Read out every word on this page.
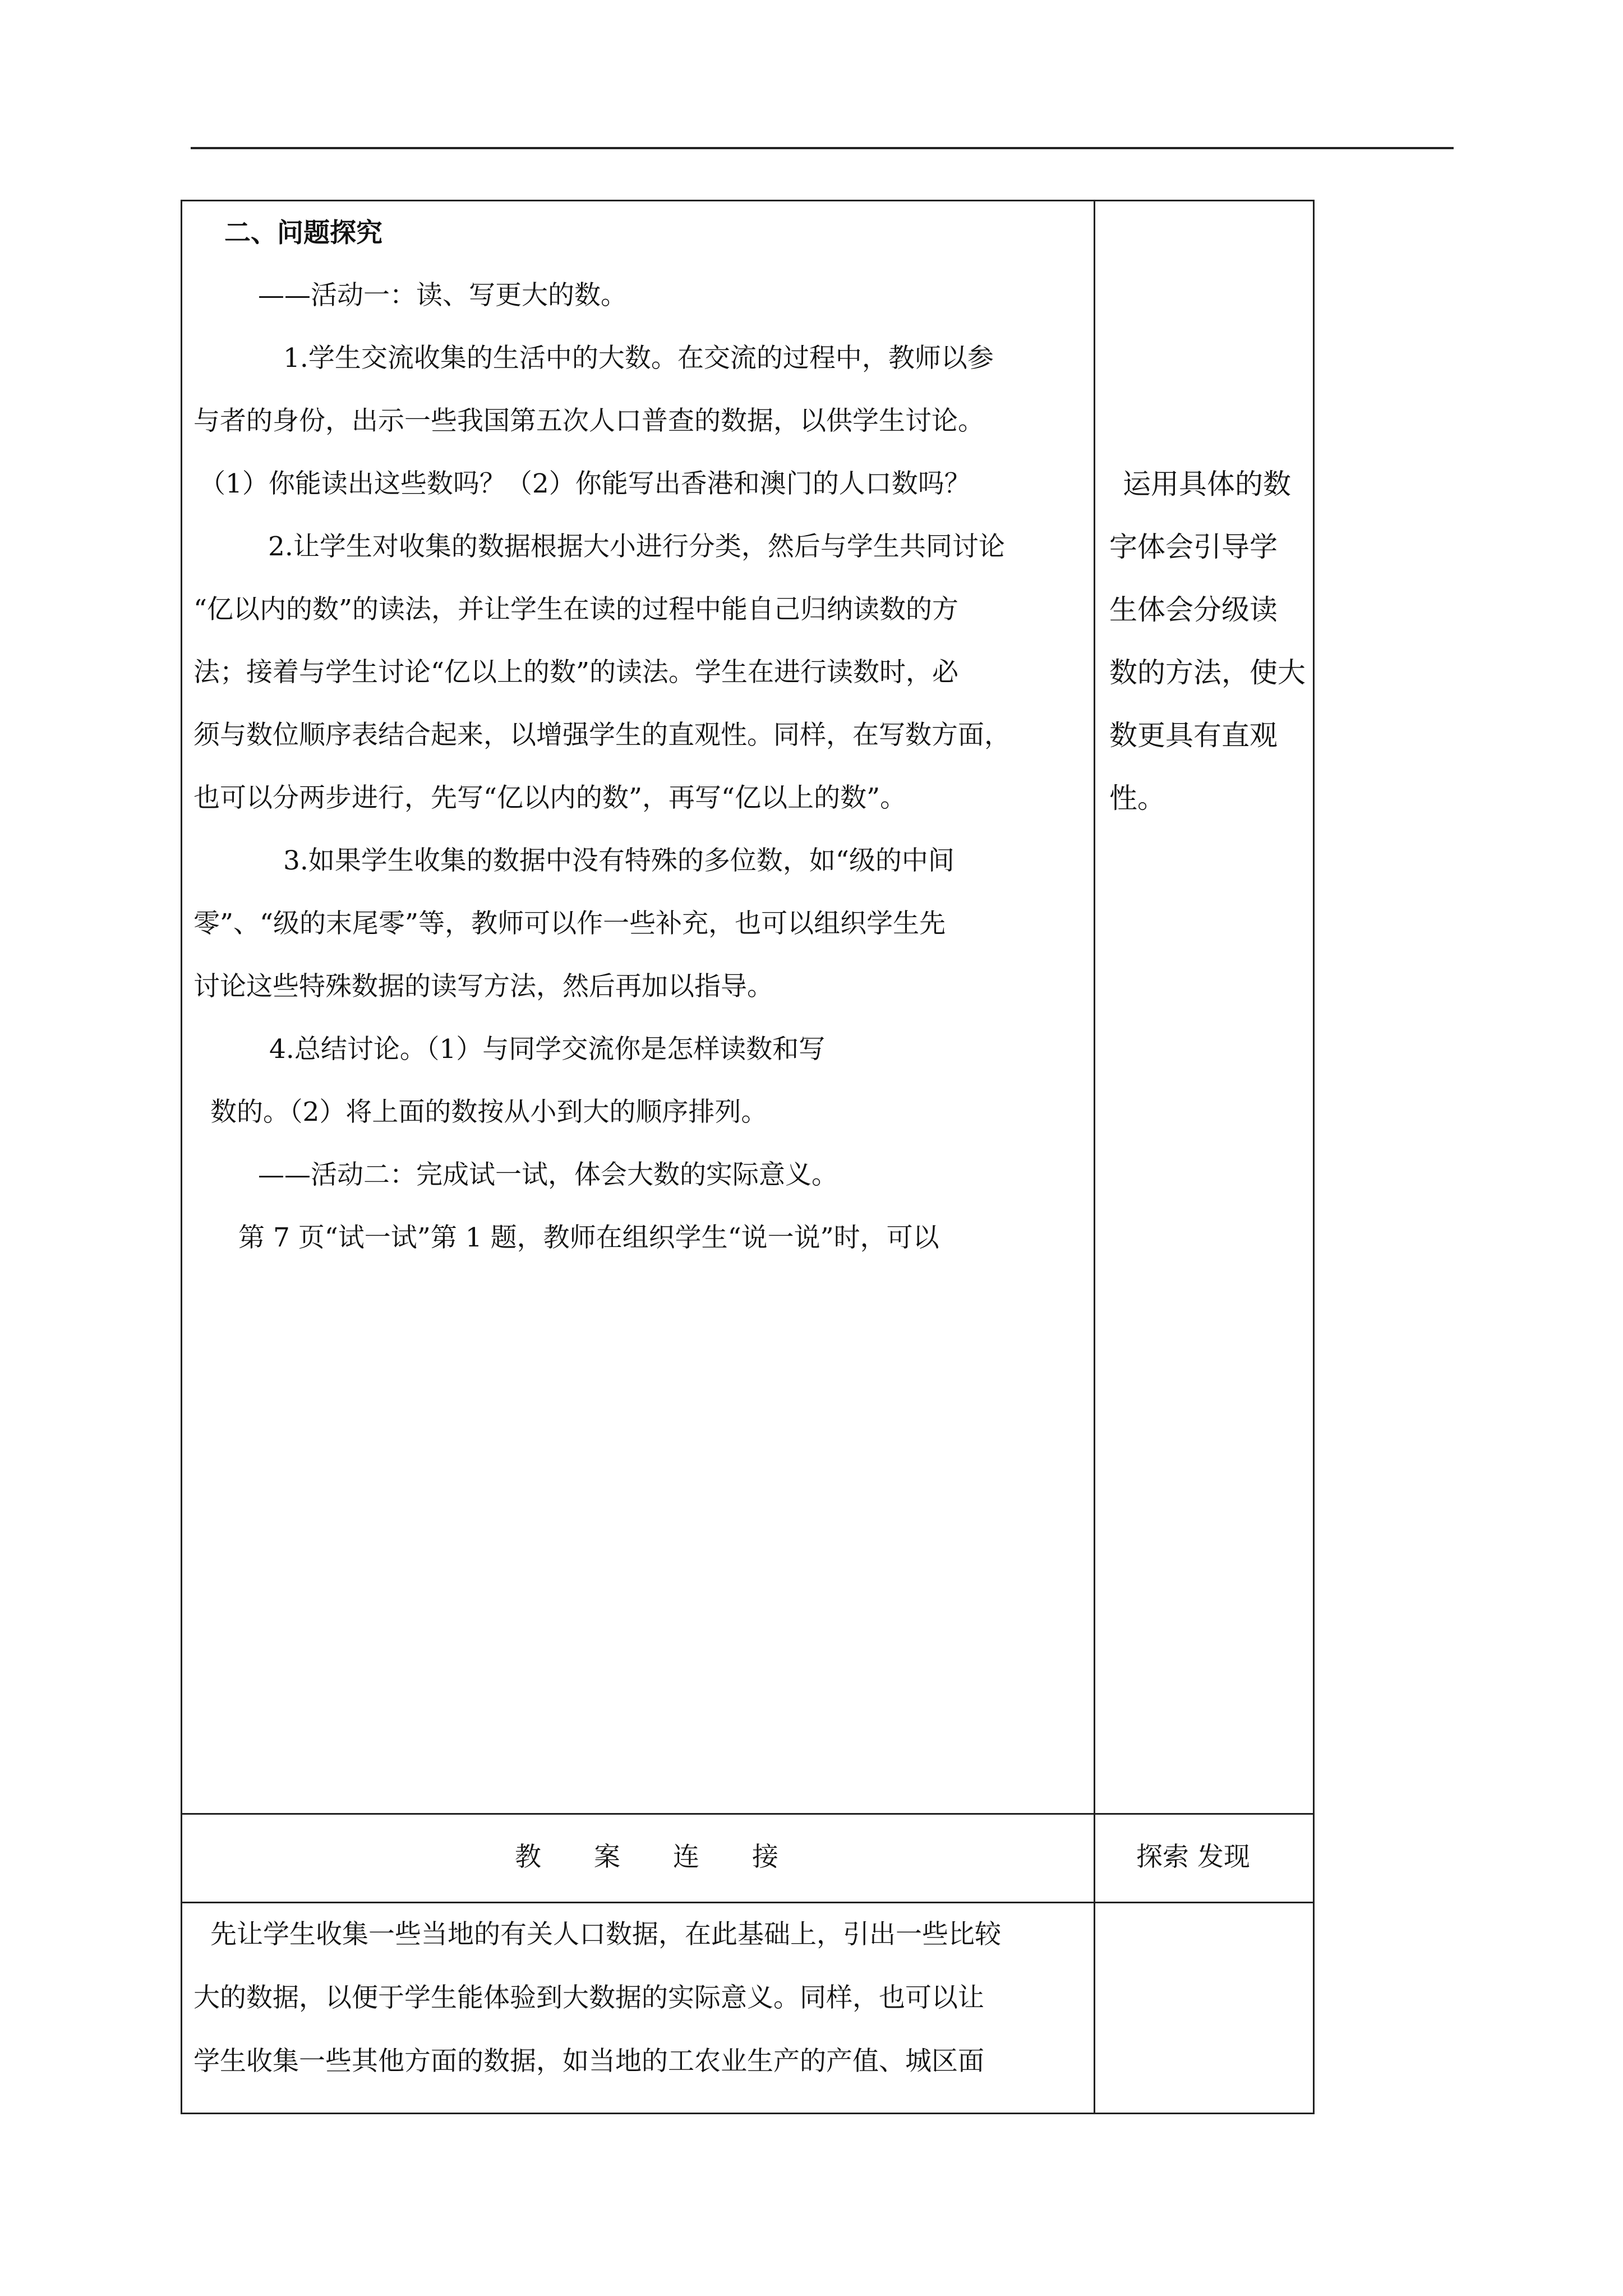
二、问题探究
——活动一：读、写更大的数。
1.学生交流收集的生活中的大数。在交流的过程中，教师以参
与者的身份，出示一些我国第五次人口普查的数据，以供学生讨论。
（1）你能读出这些数吗？（2）你能写出香港和澳门的人口数吗？
2.让学生对收集的数据根据大小进行分类，然后与学生共同讨论
“亿以内的数”的读法，并让学生在读的过程中能自己归纳读数的方
法；接着与学生讨论“亿以上的数”的读法。学生在进行读数时，必
须与数位顺序表结合起来，以增强学生的直观性。同样，在写数方面，
也可以分两步进行，先写“亿以内的数”，再写“亿以上的数”。
3.如果学生收集的数据中没有特殊的多位数，如“级的中间
零”、“级的末尾零”等，教师可以作一些补充，也可以组织学生先
讨论这些特殊数据的读写方法，然后再加以指导。
4.总结讨论。（1）与同学交流你是怎样读数和写
数的。（2）将上面的数按从小到大的顺序排列。
——活动二：完成试一试，体会大数的实际意义。
第 7 页“试一试”第 1 题，教师在组织学生“说一说”时，可以
运用具体的数
字体会引导学
生体会分级读
数的方法，使大
数更具有直观
性。
教　　案　　连　　接	探索 发现
先让学生收集一些当地的有关人口数据，在此基础上，引出一些比较
大的数据，以便于学生能体验到大数据的实际意义。同样，也可以让
学生收集一些其他方面的数据，如当地的工农业生产的产值、城区面
